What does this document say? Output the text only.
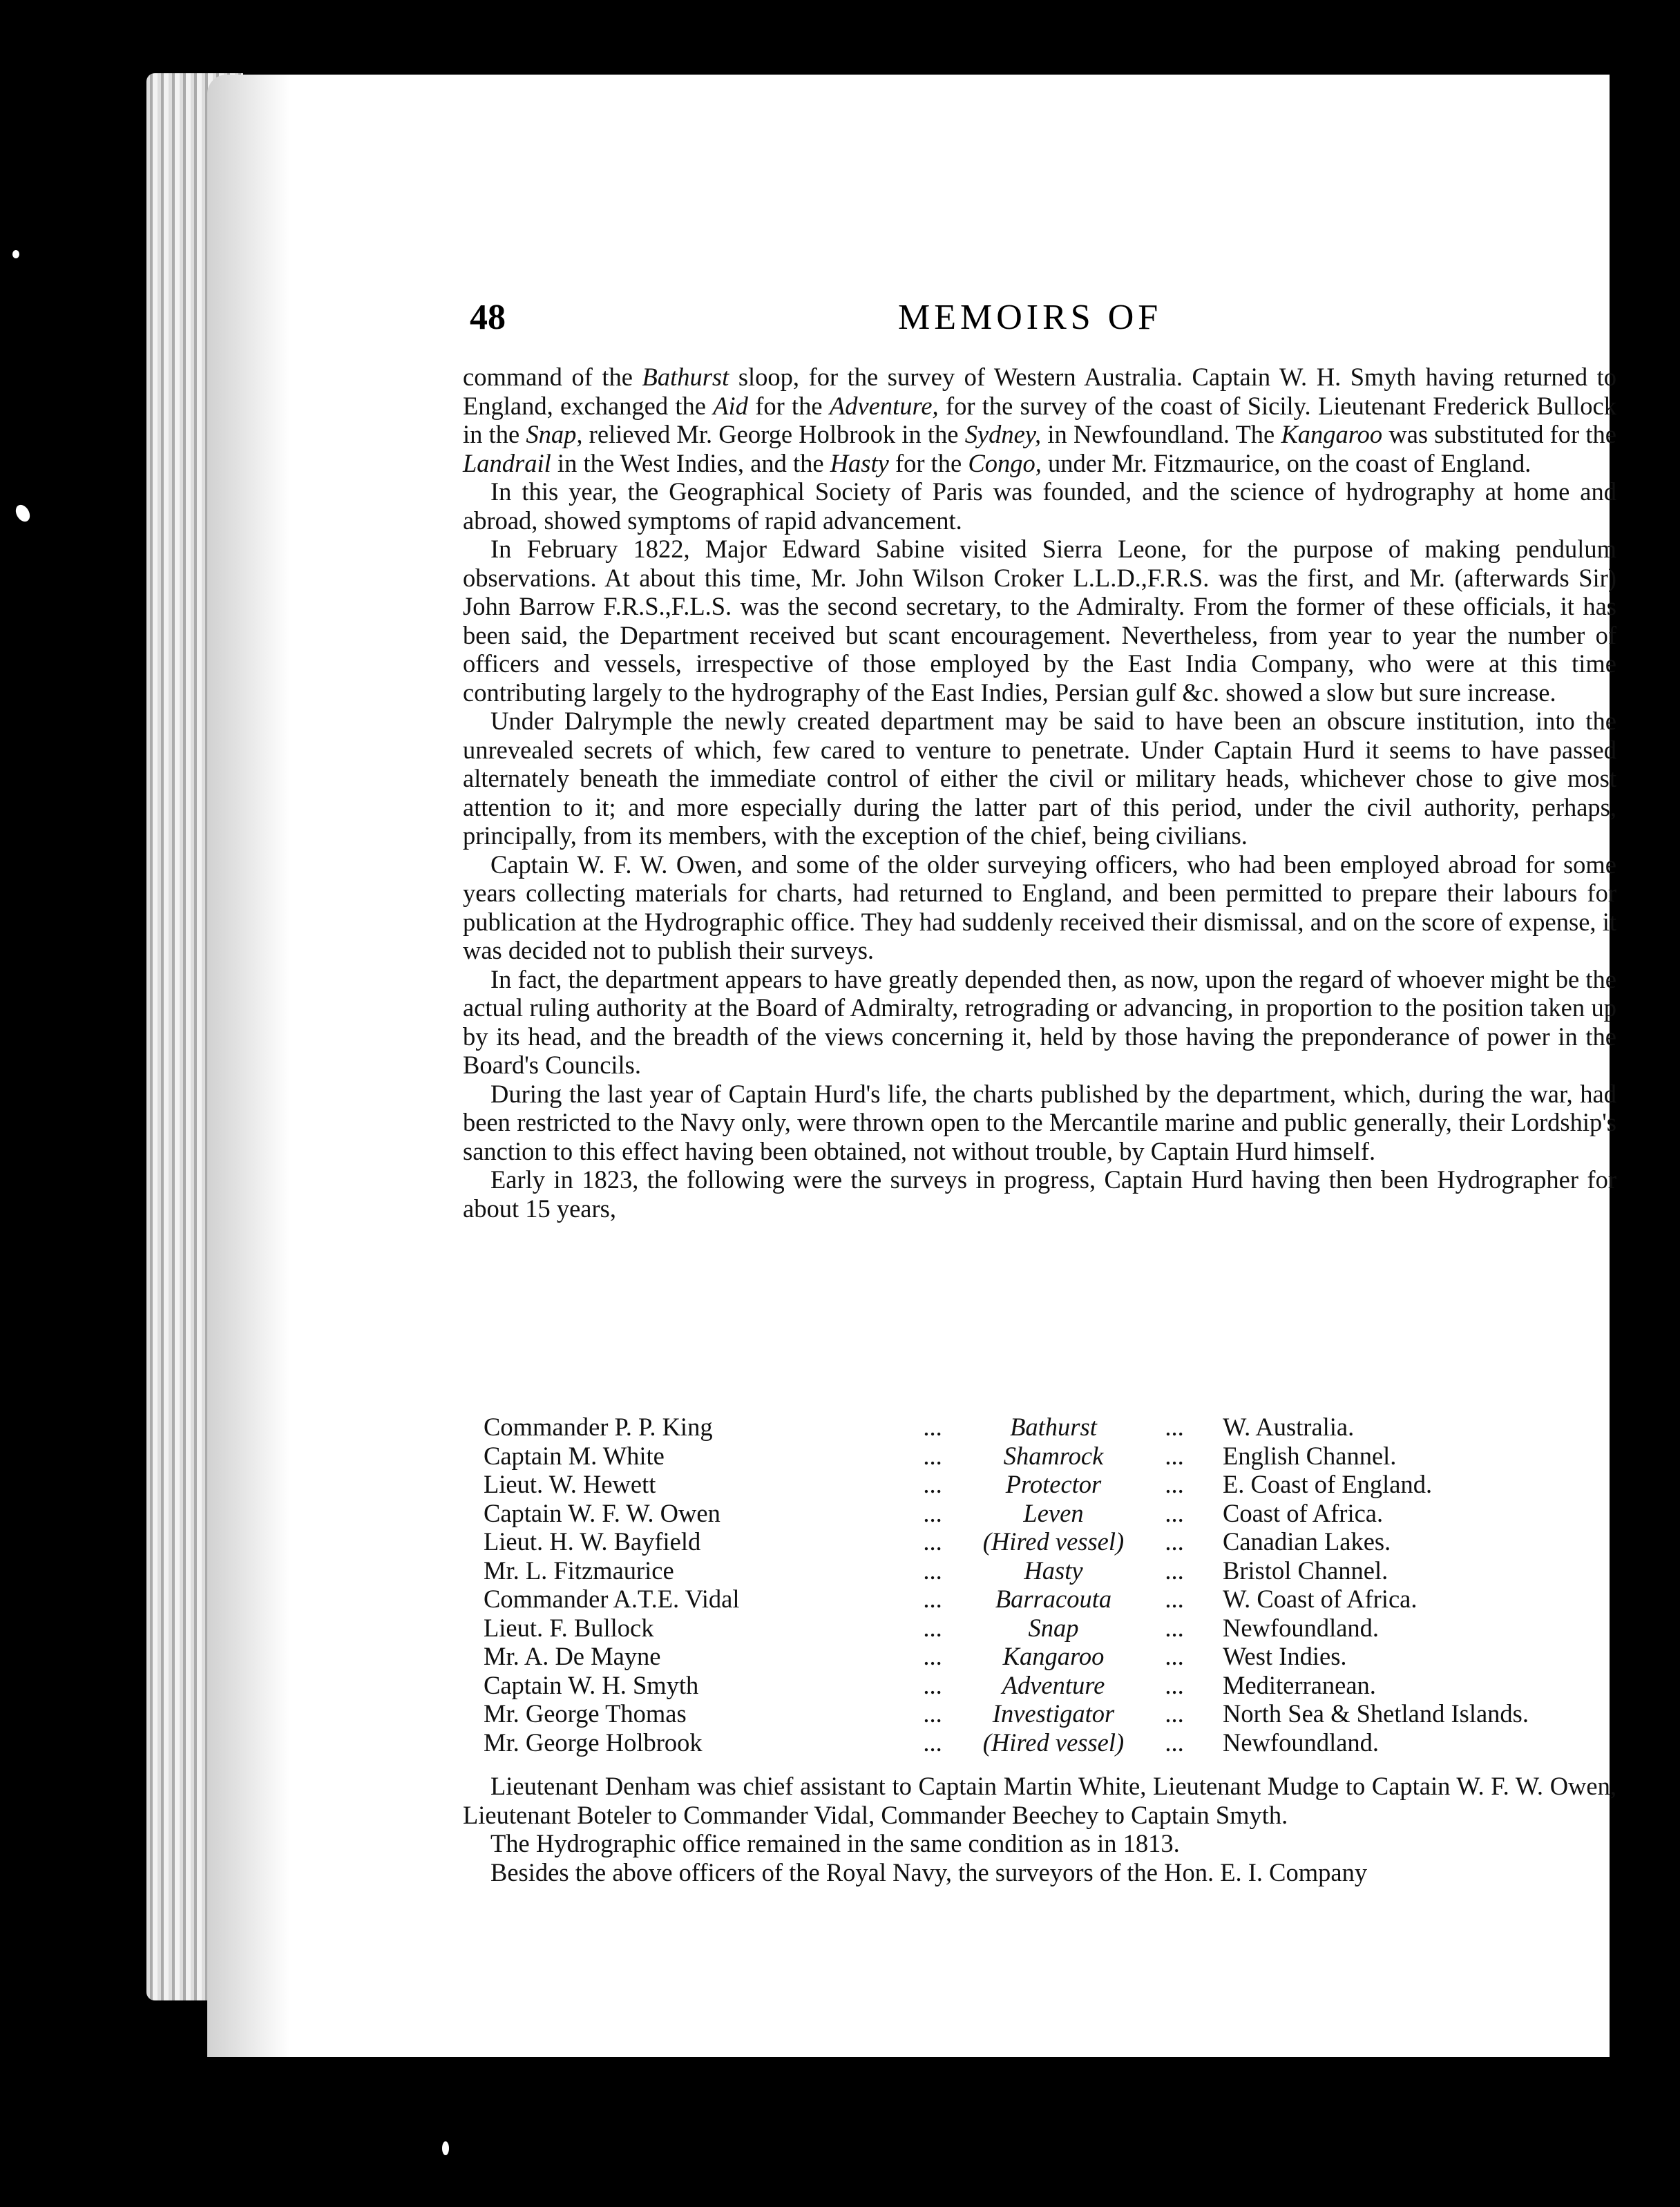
48	MEMOIRS OF

command of the Bathurst sloop, for the survey of Western Australia. Captain W. H. Smyth having returned to England, exchanged the Aid for the Adventure, for the survey of the coast of Sicily. Lieutenant Frederick Bullock in the Snap, relieved Mr. George Holbrook in the Sydney, in Newfoundland. The Kangaroo was substituted for the Landrail in the West Indies, and the Hasty for the Congo, under Mr. Fitzmaurice, on the coast of England.

In this year, the Geographical Society of Paris was founded, and the science of hydrography at home and abroad, showed symptoms of rapid advancement.

In February 1822, Major Edward Sabine visited Sierra Leone, for the purpose of making pendulum observations. At about this time, Mr. John Wilson Croker L.L.D.,F.R.S. was the first, and Mr. (afterwards Sir) John Barrow F.R.S.,F.L.S. was the second secretary, to the Admiralty. From the former of these officials, it has been said, the Department received but scant encouragement. Nevertheless, from year to year the number of officers and vessels, irrespective of those employed by the East India Company, who were at this time contributing largely to the hydrography of the East Indies, Persian gulf &c. showed a slow but sure increase.

Under Dalrymple the newly created department may be said to have been an obscure institution, into the unrevealed secrets of which, few cared to venture to penetrate. Under Captain Hurd it seems to have passed alternately beneath the immediate control of either the civil or military heads, whichever chose to give most attention to it; and more especially during the latter part of this period, under the civil authority, perhaps, principally, from its members, with the exception of the chief, being civilians.

Captain W. F. W. Owen, and some of the older surveying officers, who had been employed abroad for some years collecting materials for charts, had returned to England, and been permitted to prepare their labours for publication at the Hydrographic office. They had suddenly received their dismissal, and on the score of expense, it was decided not to publish their surveys.

In fact, the department appears to have greatly depended then, as now, upon the regard of whoever might be the actual ruling authority at the Board of Admiralty, retrograding or advancing, in proportion to the position taken up by its head, and the breadth of the views concerning it, held by those having the preponderance of power in the Board's Councils.

During the last year of Captain Hurd's life, the charts published by the department, which, during the war, had been restricted to the Navy only, were thrown open to the Mercantile marine and public generally, their Lordship's sanction to this effect having been obtained, not without trouble, by Captain Hurd himself.

Early in 1823, the following were the surveys in progress, Captain Hurd having then been Hydrographer for about 15 years,

Commander P. P. King	...	Bathurst	...	W. Australia.
Captain M. White	...	Shamrock	...	English Channel.
Lieut. W. Hewett	...	Protector	...	E. Coast of England.
Captain W. F. W. Owen	...	Leven	...	Coast of Africa.
Lieut. H. W. Bayfield	...	(Hired vessel)	...	Canadian Lakes.
Mr. L. Fitzmaurice	...	Hasty	...	Bristol Channel.
Commander A.T.E. Vidal	...	Barracouta	...	W. Coast of Africa.
Lieut. F. Bullock	...	Snap	...	Newfoundland.
Mr. A. De Mayne	...	Kangaroo	...	West Indies.
Captain W. H. Smyth	...	Adventure	...	Mediterranean.
Mr. George Thomas	...	Investigator	...	North Sea & Shetland Islands.
Mr. George Holbrook	...	(Hired vessel)	...	Newfoundland.

Lieutenant Denham was chief assistant to Captain Martin White, Lieutenant Mudge to Captain W. F. W. Owen, Lieutenant Boteler to Commander Vidal, Commander Beechey to Captain Smyth.

The Hydrographic office remained in the same condition as in 1813.

Besides the above officers of the Royal Navy, the surveyors of the Hon. E. I. Company
